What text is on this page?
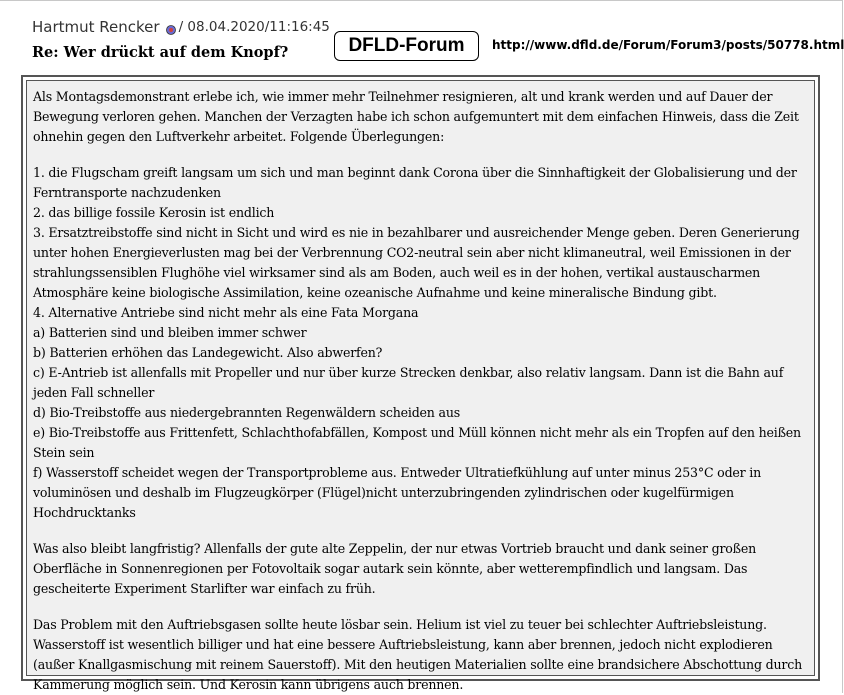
Hartmut Rencker / 08.04.2020/11:16:45
Re: Wer drückt auf dem Knopf?	DFLD-Forum	http://www.dfld.de/Forum/Forum3/posts/50778.html

Als Montagsdemonstrant erlebe ich, wie immer mehr Teilnehmer resignieren, alt und krank werden und auf Dauer der Bewegung verloren gehen. Manchen der Verzagten habe ich schon aufgemuntert mit dem einfachen Hinweis, dass die Zeit ohnehin gegen den Luftverkehr arbeitet. Folgende Überlegungen:

1. die Flugscham greift langsam um sich und man beginnt dank Corona über die Sinnhaftigkeit der Globalisierung und der Ferntransporte nachzudenken
2. das billige fossile Kerosin ist endlich
3. Ersatztreibstoffe sind nicht in Sicht und wird es nie in bezahlbarer und ausreichender Menge geben. Deren Generierung unter hohen Energieverlusten mag bei der Verbrennung CO2-neutral sein aber nicht klimaneutral, weil Emissionen in der strahlungssensiblen Flughöhe viel wirksamer sind als am Boden, auch weil es in der hohen, vertikal austauscharmen Atmosphäre keine biologische Assimilation, keine ozeanische Aufnahme und keine mineralische Bindung gibt.
4. Alternative Antriebe sind nicht mehr als eine Fata Morgana
a) Batterien sind und bleiben immer schwer
b) Batterien erhöhen das Landegewicht. Also abwerfen?
c) E-Antrieb ist allenfalls mit Propeller und nur über kurze Strecken denkbar, also relativ langsam. Dann ist die Bahn auf jeden Fall schneller
d) Bio-Treibstoffe aus niedergebrannten Regenwäldern scheiden aus
e) Bio-Treibstoffe aus Frittenfett, Schlachthofabfällen, Kompost und Müll können nicht mehr als ein Tropfen auf den heißen Stein sein
f) Wasserstoff scheidet wegen der Transportprobleme aus. Entweder Ultratiefkühlung auf unter minus 253°C oder in voluminösen und deshalb im Flugzeugkörper (Flügel)nicht unterzubringenden zylindrischen oder kugelfürmigen Hochdrucktanks

Was also bleibt langfristig? Allenfalls der gute alte Zeppelin, der nur etwas Vortrieb braucht und dank seiner großen Oberfläche in Sonnenregionen per Fotovoltaik sogar autark sein könnte, aber wetterempfindlich und langsam. Das gescheiterte Experiment Starlifter war einfach zu früh.

Das Problem mit den Auftriebsgasen sollte heute lösbar sein. Helium ist viel zu teuer bei schlechter Auftriebsleistung. Wasserstoff ist wesentlich billiger und hat eine bessere Auftriebsleistung, kann aber brennen, jedoch nicht explodieren (außer Knallgasmischung mit reinem Sauerstoff). Mit den heutigen Materialien sollte eine brandsichere Abschottung durch Kammerung möglich sein. Und Kerosin kann übrigens auch brennen.
